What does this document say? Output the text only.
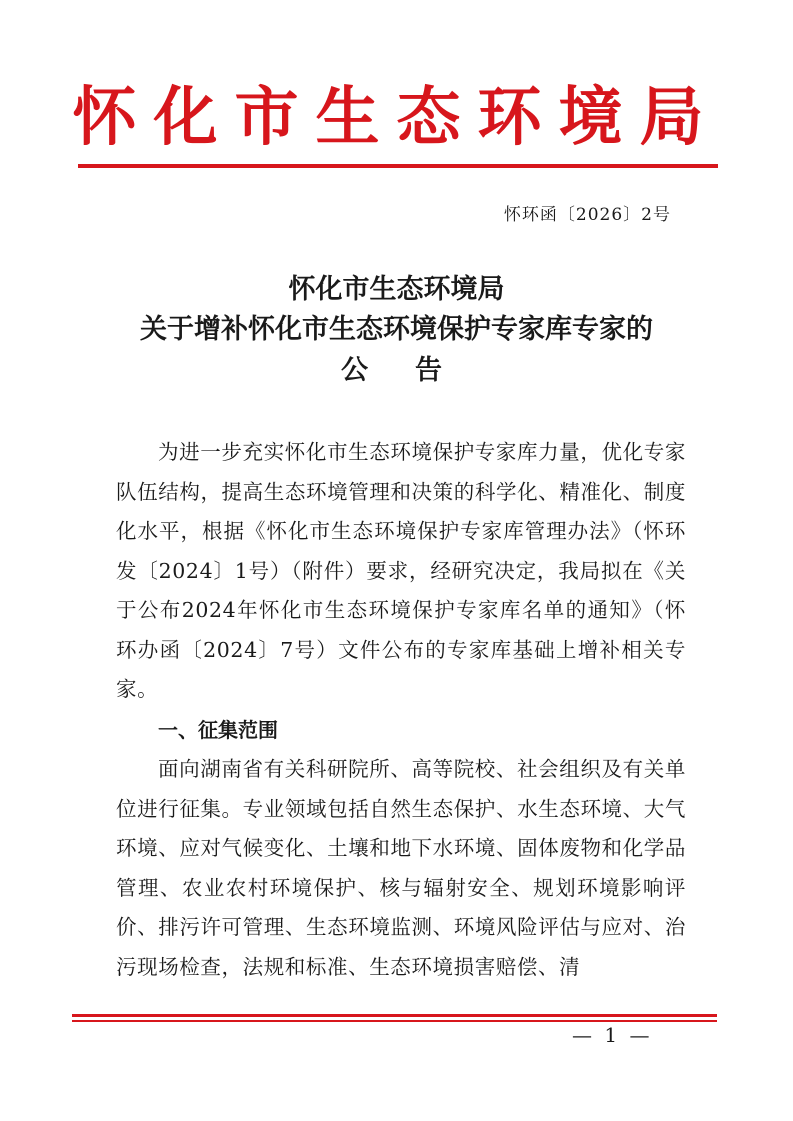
怀化市生态环境局
怀环函〔2026〕2号
怀化市生态环境局
关于增补怀化市生态环境保护专家库专家的
公　告
为进一步充实怀化市生态环境保护专家库力量，优化专家队伍结构，提高生态环境管理和决策的科学化、精准化、制度化水平，根据《怀化市生态环境保护专家库管理办法》（怀环发〔2024〕1号）（附件）要求，经研究决定，我局拟在《关于公布2024年怀化市生态环境保护专家库名单的通知》（怀环办函〔2024〕7号）文件公布的专家库基础上增补相关专家。
一、征集范围
面向湖南省有关科研院所、高等院校、社会组织及有关单位进行征集。专业领域包括自然生态保护、水生态环境、大气环境、应对气候变化、土壤和地下水环境、固体废物和化学品管理、农业农村环境保护、核与辐射安全、规划环境影响评价、排污许可管理、生态环境监测、环境风险评估与应对、治污现场检查，法规和标准、生态环境损害赔偿、清
— 1 —
